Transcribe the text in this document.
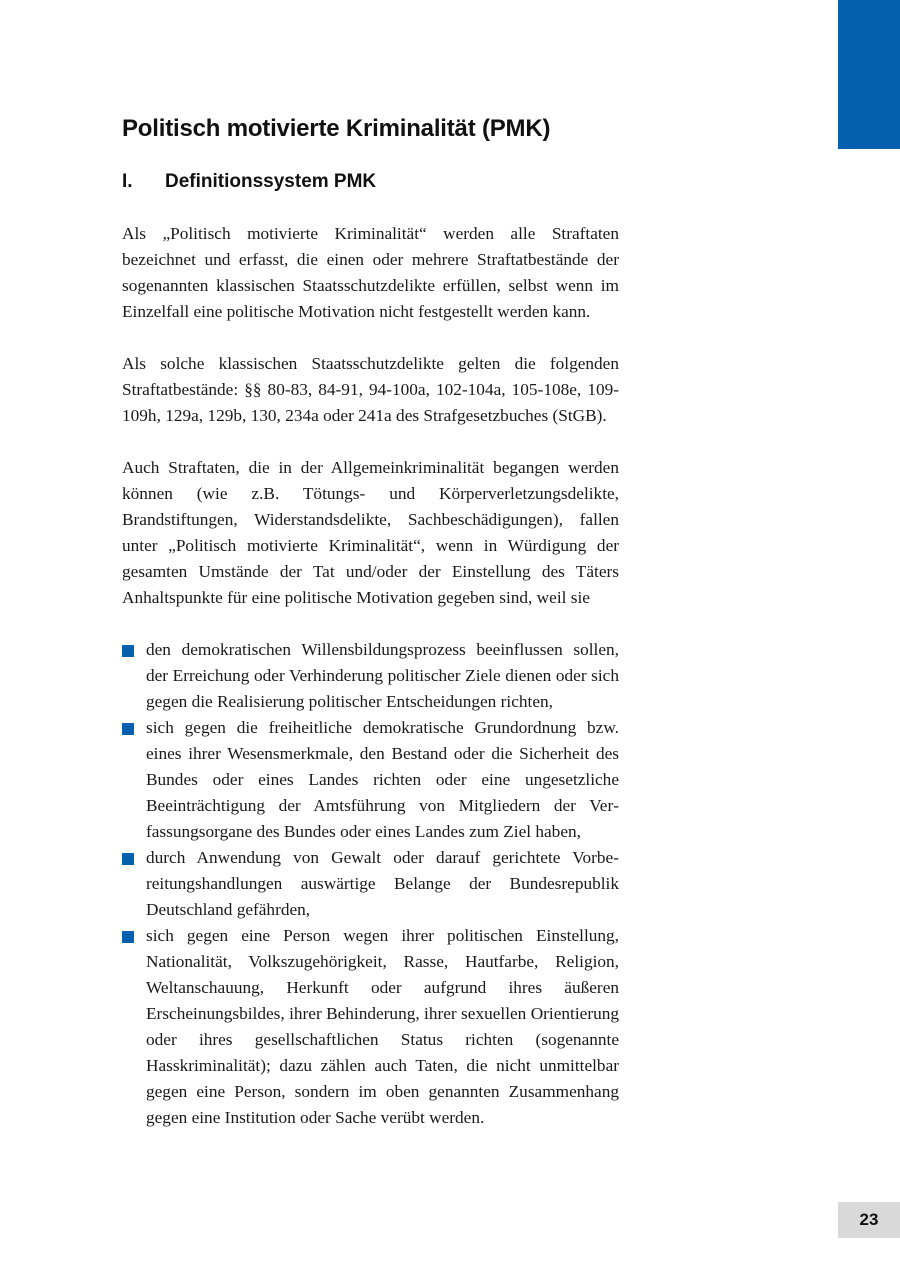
Politisch motivierte Kriminalität (PMK)
I.	Definitionssystem PMK

Als „Politisch motivierte Kriminalität“ werden alle Straftaten bezeichnet und erfasst, die einen oder mehrere Straftatbestände der sogenannten klassischen Staatsschutzdelikte erfüllen, selbst wenn im Einzelfall eine politische Motivation nicht festgestellt werden kann.

Als solche klassischen Staatsschutzdelikte gelten die folgenden Straftatbestände: §§ 80-83, 84-91, 94-100a, 102-104a, 105-108e, 109-109h, 129a, 129b, 130, 234a oder 241a des Strafgesetzbuches (StGB).

Auch Straftaten, die in der Allgemeinkriminalität begangen werden können (wie z.B. Tötungs- und Körperverletzungsdelikte, Brandstiftungen, Widerstandsdelikte, Sachbeschädigungen), fallen unter „Politisch motivierte Kriminalität“, wenn in Würdigung der gesamten Umstände der Tat und/oder der Einstellung des Täters Anhaltspunkte für eine politische Motivation gegeben sind, weil sie

den demokratischen Willensbildungsprozess beeinflussen sollen, der Erreichung oder Verhinderung politischer Ziele dienen oder sich gegen die Realisierung politischer Entscheidungen richten,
sich gegen die freiheitliche demokratische Grundordnung bzw. eines ihrer Wesensmerkmale, den Bestand oder die Sicherheit des Bundes oder eines Landes richten oder eine ungesetzliche Beeinträchtigung der Amtsführung von Mitgliedern der Verfassungsorgane des Bundes oder eines Landes zum Ziel haben,
durch Anwendung von Gewalt oder darauf gerichtete Vorbereitungshandlungen auswärtige Belange der Bundesrepublik Deutschland gefährden,
sich gegen eine Person wegen ihrer politischen Einstellung, Nationalität, Volkszugehörigkeit, Rasse, Hautfarbe, Religion, Weltanschauung, Herkunft oder aufgrund ihres äußeren Erscheinungsbildes, ihrer Behinderung, ihrer sexuellen Orientierung oder ihres gesellschaftlichen Status richten (sogenannte Hasskriminalität); dazu zählen auch Taten, die nicht unmittelbar gegen eine Person, sondern im oben genannten Zusammenhang gegen eine Institution oder Sache verübt werden.
23
